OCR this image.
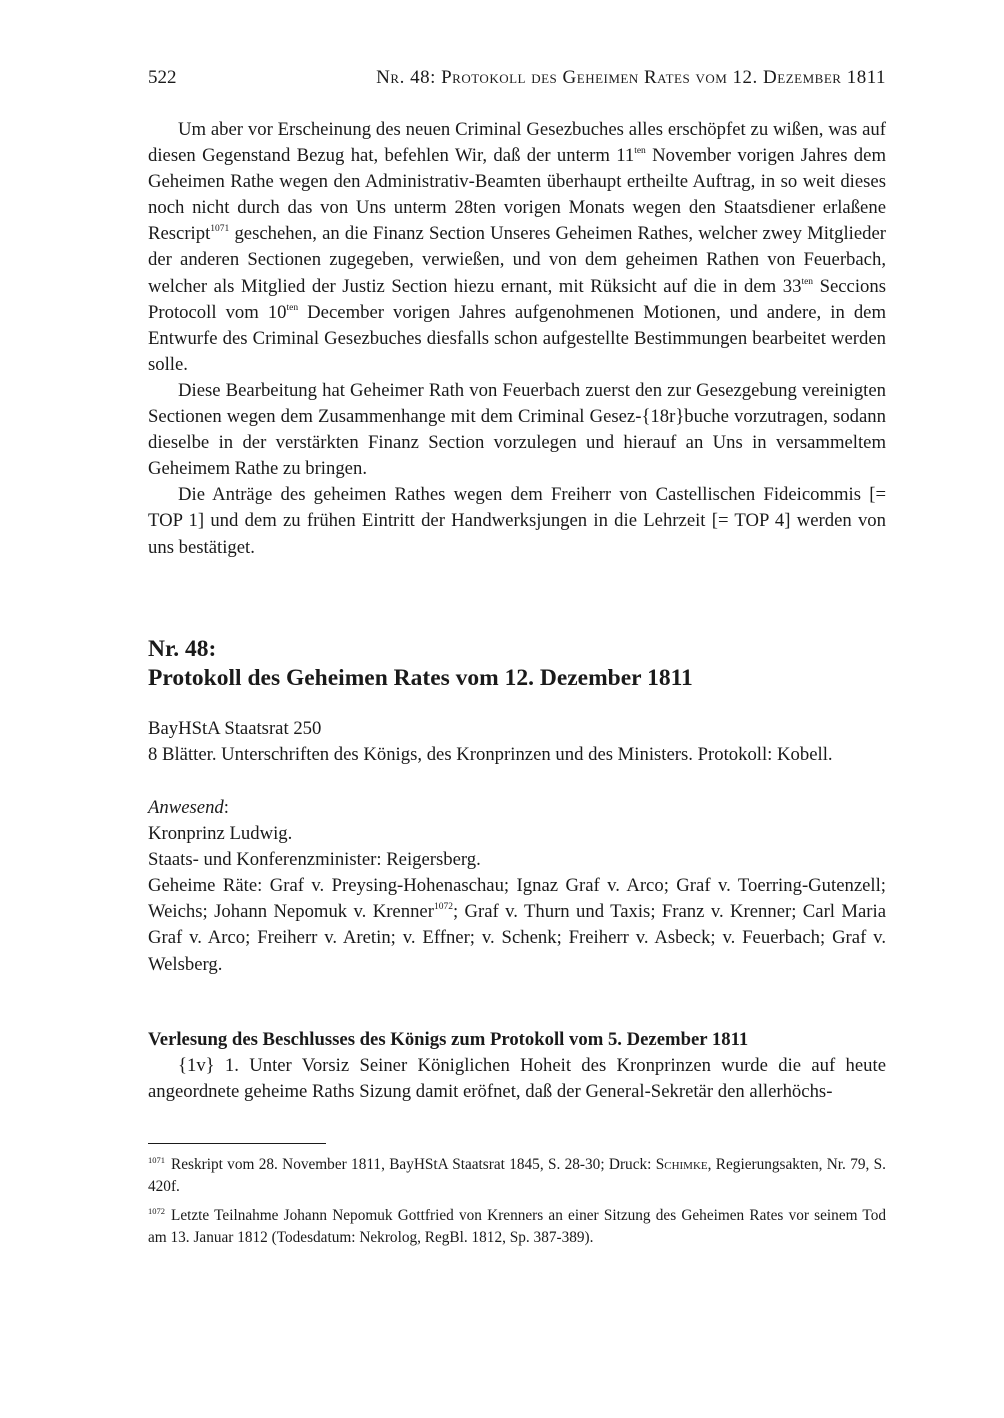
522	Nr. 48: Protokoll des Geheimen Rates vom 12. Dezember 1811

Um aber vor Erscheinung des neuen Criminal Gesezbuches alles erschöpfet zu wißen, was auf diesen Gegenstand Bezug hat, befehlen Wir, daß der unterm $11^{ten}$ November vorigen Jahres dem Geheimen Rathe wegen den Administrativ-Beamten überhaupt ertheilte Auftrag, in so weit dieses noch nicht durch das von Uns unterm 28ten vorigen Monats wegen den Staatsdiener erlaßene Rescript$^{1071}$ geschehen, an die Finanz Section Unseres Geheimen Rathes, welcher zwey Mitglieder der anderen Sectionen zugegeben, verwießen, und von dem geheimen Rathen von Feuerbach, welcher als Mitglied der Justiz Section hiezu ernant, mit Rüksicht auf die in dem $33^{ten}$ Seccions Protocoll vom $10^{ten}$ December vorigen Jahres aufgenohmenen Motionen, und andere, in dem Entwurfe des Criminal Gesezbuches diesfalls schon aufgestellte Bestimmungen bearbeitet werden solle.

Diese Bearbeitung hat Geheimer Rath von Feuerbach zuerst den zur Gesezgebung vereinigten Sectionen wegen dem Zusammenhange mit dem Criminal Gesez-{18r}buche vorzutragen, sodann dieselbe in der verstärkten Finanz Section vorzulegen und hierauf an Uns in versammeltem Geheimem Rathe zu bringen.

Die Anträge des geheimen Rathes wegen dem Freiherr von Castellischen Fideicommis [= TOP 1] und dem zu frühen Eintritt der Handwerksjungen in die Lehrzeit [= TOP 4] werden von uns bestätiget.

Nr. 48:
Protokoll des Geheimen Rates vom 12. Dezember 1811
BayHStA Staatsrat 250
8 Blätter. Unterschriften des Königs, des Kronprinzen und des Ministers. Protokoll: Kobell.
Anwesend:
Kronprinz Ludwig.
Staats- und Konferenzminister: Reigersberg.

Geheime Räte: Graf v. Preysing-Hohenaschau; Ignaz Graf v. Arco; Graf v. Toerring-Gutenzell; Weichs; Johann Nepomuk v. Krenner$^{1072}$; Graf v. Thurn und Taxis; Franz v. Krenner; Carl Maria Graf v. Arco; Freiherr v. Aretin; v. Effner; v. Schenk; Freiherr v. Asbeck; v. Feuerbach; Graf v. Welsberg.

Verlesung des Beschlusses des Königs zum Protokoll vom 5. Dezember 1811

{1v} 1. Unter Vorsiz Seiner Königlichen Hoheit des Kronprinzen wurde die auf heute angeordnete geheime Raths Sizung damit eröfnet, daß der General-Sekretär den allerhöchs-

$^{1071}$ Reskript vom 28. November 1811, BayHStA Staatsrat 1845, S. 28-30; Druck: Schimke, Regierungsakten, Nr. 79, S. 420f.

$^{1072}$ Letzte Teilnahme Johann Nepomuk Gottfried von Krenners an einer Sitzung des Geheimen Rates vor seinem Tod am 13. Januar 1812 (Todesdatum: Nekrolog, RegBl. 1812, Sp. 387-389).
